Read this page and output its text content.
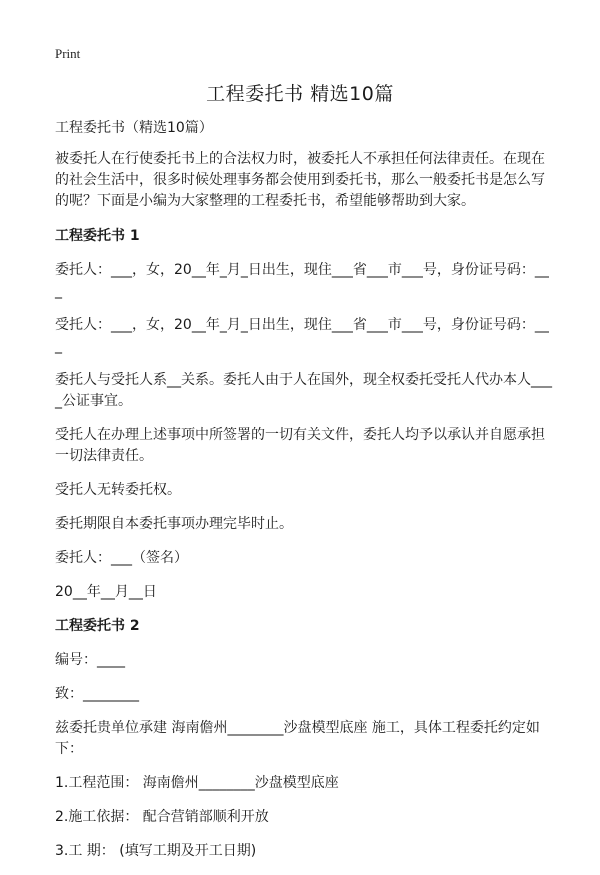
Print
工程委托书 精选10篇

工程委托书（精选10篇）

被委托人在行使委托书上的合法权力时，被委托人不承担任何法律责任。在现在的社会生活中，很多时候处理事务都会使用到委托书，那么一般委托书是怎么写的呢？下面是小编为大家整理的工程委托书，希望能够帮助到大家。

工程委托书 1

委托人：___，女，20__年_月_日出生，现住___省___市___号，身份证号码：___

受托人：___，女，20__年_月_日出生，现住___省___市___号，身份证号码：___

委托人与受托人系__关系。委托人由于人在国外，现全权委托受托人代办本人____公证事宜。

受托人在办理上述事项中所签署的一切有关文件，委托人均予以承认并自愿承担一切法律责任。

受托人无转委托权。

委托期限自本委托事项办理完毕时止。

委托人：___（签名）

20__年__月__日

工程委托书 2

编号：____

致：________

兹委托贵单位承建 海南儋州________沙盘模型底座 施工，具体工程委托约定如下：

1.工程范围： 海南儋州________沙盘模型底座

2.施工依据： 配合营销部顺利开放

3.工 期： (填写工期及开工日期)
